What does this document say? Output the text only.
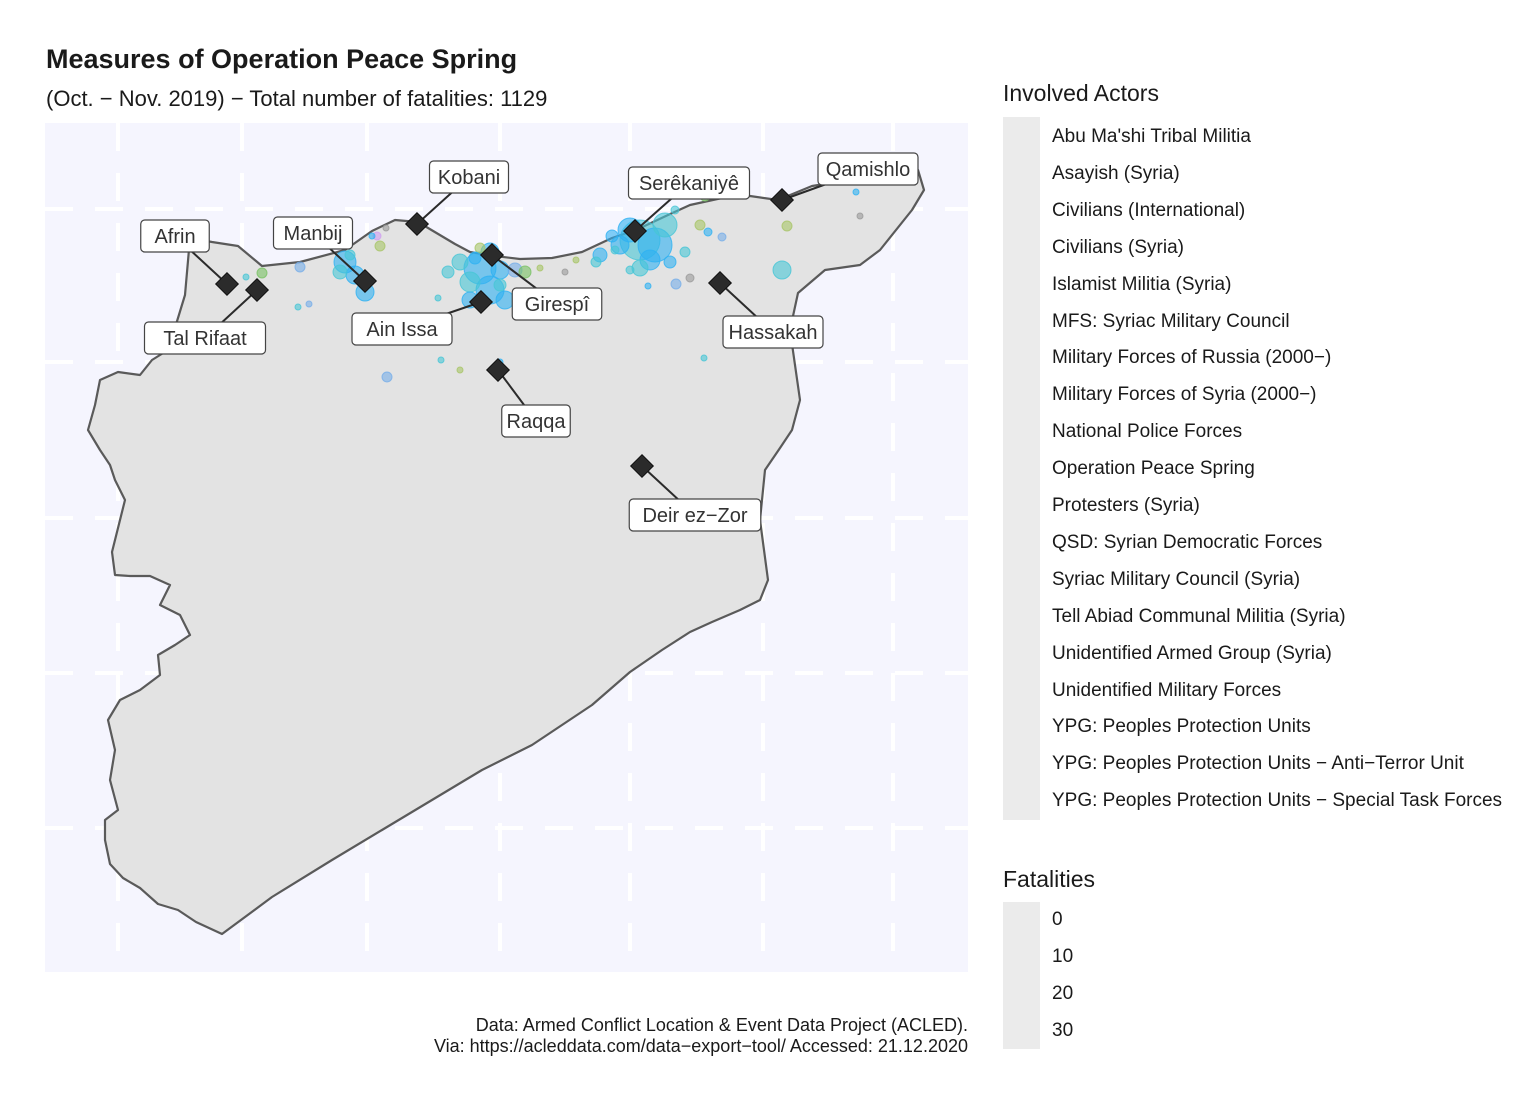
Measures of Operation Peace Spring
(Oct. − Nov. 2019) − Total number of fatalities: 1129
Kobani	Serêkaniyê
Qamishlo
Afrin	Manbij
Girespî
Hassakah
Ain Issa
Tal Rifaat
Raqqa
Deir ez−Zor
Involved Actors
Abu Ma'shi Tribal Militia
Asayish (Syria)
Civilians (International)
Civilians (Syria)
Islamist Militia (Syria)
MFS: Syriac Military Council
Military Forces of Russia (2000−)
Military Forces of Syria (2000−)
National Police Forces
Operation Peace Spring
Protesters (Syria)
QSD: Syrian Democratic Forces
Syriac Military Council (Syria)
Tell Abiad Communal Militia (Syria)
Unidentified Armed Group (Syria)
Unidentified Military Forces
YPG: Peoples Protection Units
YPG: Peoples Protection Units − Anti−Terror Unit
YPG: Peoples Protection Units − Special Task Forces
Fatalities
0
10
20
30
Data: Armed Conflict Location & Event Data Project (ACLED).
Via: https://acleddata.com/data−export−tool/ Accessed: 21.12.2020
